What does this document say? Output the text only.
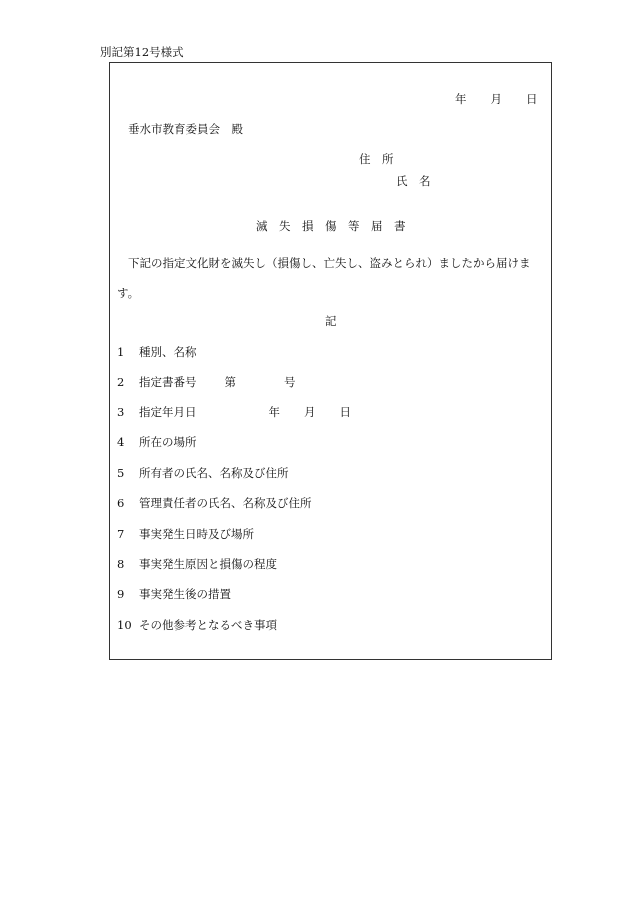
別記第12号様式
年 月 日
垂水市教育委員会　殿
住　所
氏　名
滅　失　損　傷　等　届　書
下記の指定文化財を滅失し（損傷し、亡失し、盗みとられ）ましたから届けま
す。
記
1 種別、名称
2 指定書番号 第	号
3 指定年月日	年 月 日
4 所在の場所
5 所有者の氏名、名称及び住所
6 管理責任者の氏名、名称及び住所
7 事実発生日時及び場所
8 事実発生原因と損傷の程度
9 事実発生後の措置
10 その他参考となるべき事項
